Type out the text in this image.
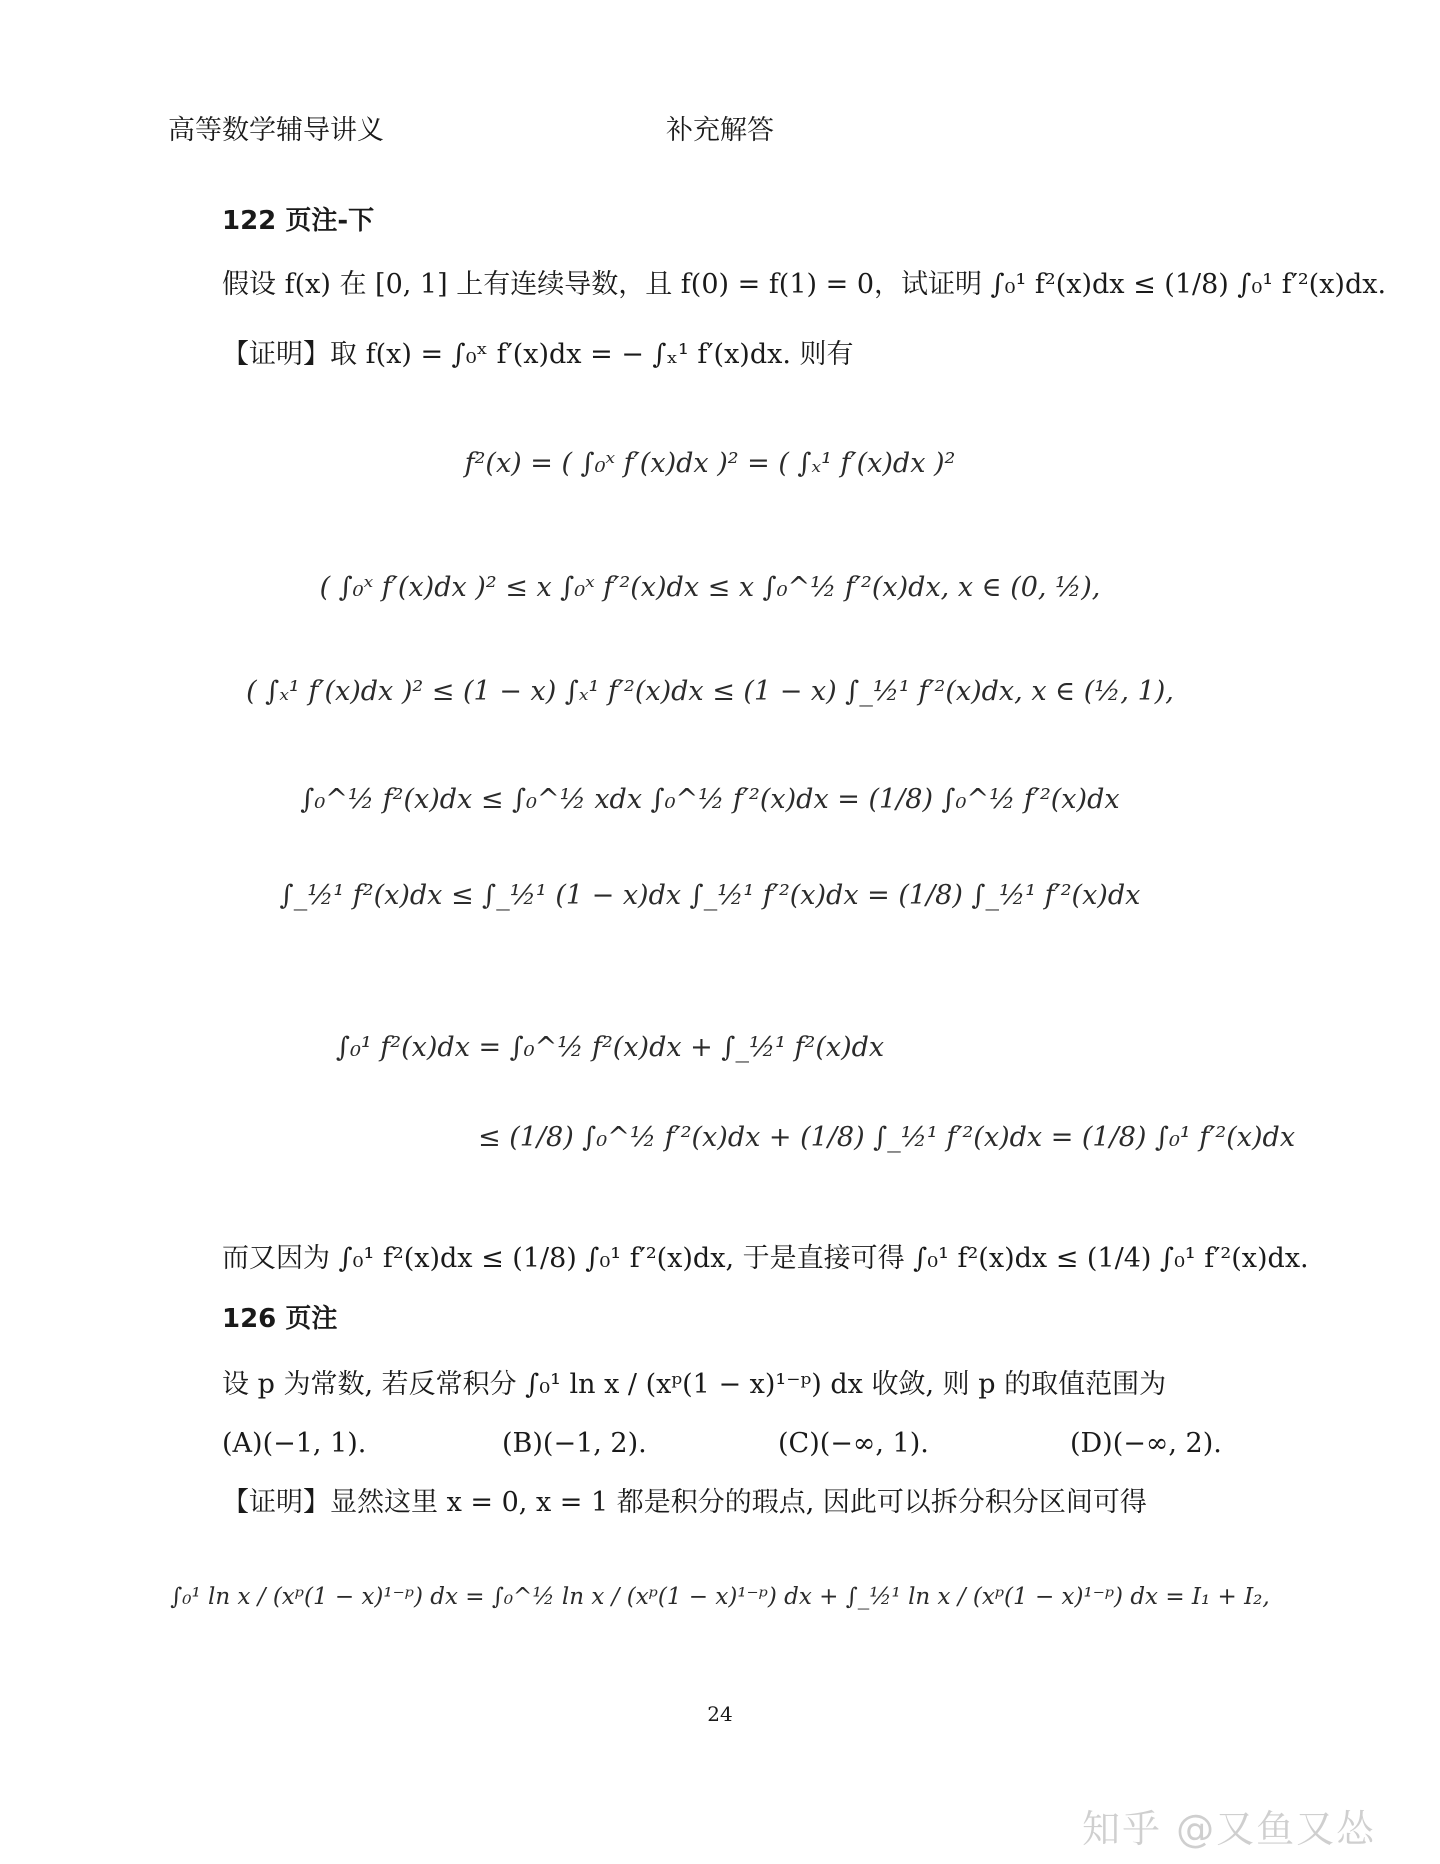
高等数学辅导讲义	补充解答
122 页注-下
假设 f(x) 在 [0, 1] 上有连续导数，且 f(0) = f(1) = 0，试证明 ∫₀¹ f²(x)dx ≤ (1/8) ∫₀¹ f′²(x)dx.
【证明】取 f(x) = ∫₀ˣ f′(x)dx = − ∫ₓ¹ f′(x)dx. 则有
f²(x) = ( ∫₀ˣ f′(x)dx )² = ( ∫ₓ¹ f′(x)dx )²
( ∫₀ˣ f′(x)dx )² ≤ x ∫₀ˣ f′²(x)dx ≤ x ∫₀^½ f′²(x)dx, x ∈ (0, ½),
( ∫ₓ¹ f′(x)dx )² ≤ (1 − x) ∫ₓ¹ f′²(x)dx ≤ (1 − x) ∫_½¹ f′²(x)dx, x ∈ (½, 1),
∫₀^½ f²(x)dx ≤ ∫₀^½ xdx ∫₀^½ f′²(x)dx = (1/8) ∫₀^½ f′²(x)dx
∫_½¹ f²(x)dx ≤ ∫_½¹ (1 − x)dx ∫_½¹ f′²(x)dx = (1/8) ∫_½¹ f′²(x)dx
∫₀¹ f²(x)dx = ∫₀^½ f²(x)dx + ∫_½¹ f²(x)dx
≤ (1/8) ∫₀^½ f′²(x)dx + (1/8) ∫_½¹ f′²(x)dx = (1/8) ∫₀¹ f′²(x)dx
而又因为 ∫₀¹ f²(x)dx ≤ (1/8) ∫₀¹ f′²(x)dx, 于是直接可得 ∫₀¹ f²(x)dx ≤ (1/4) ∫₀¹ f′²(x)dx.
126 页注
设 p 为常数, 若反常积分 ∫₀¹ ln x / (xᵖ(1 − x)¹⁻ᵖ) dx 收敛, 则 p 的取值范围为
(A)(−1, 1).	(B)(−1, 2).	(C)(−∞, 1).	(D)(−∞, 2).
【证明】显然这里 x = 0, x = 1 都是积分的瑕点, 因此可以拆分积分区间可得
∫₀¹ ln x / (xᵖ(1 − x)¹⁻ᵖ) dx = ∫₀^½ ln x / (xᵖ(1 − x)¹⁻ᵖ) dx + ∫_½¹ ln x / (xᵖ(1 − x)¹⁻ᵖ) dx = I₁ + I₂,
24
知乎 @又鱼又怂
